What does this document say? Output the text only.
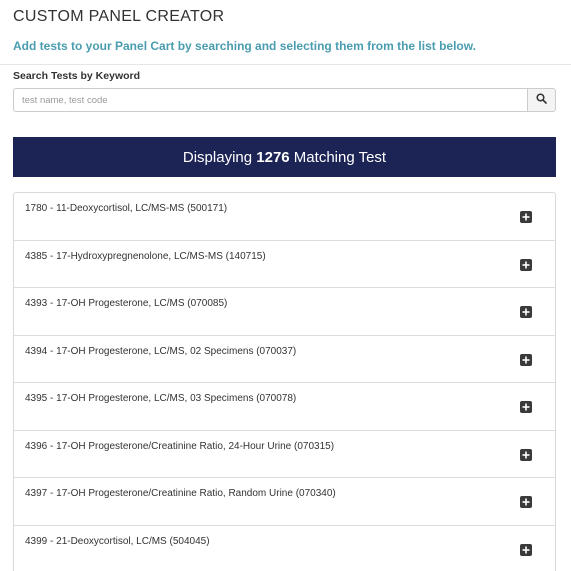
CUSTOM PANEL CREATOR
Add tests to your Panel Cart by searching and selecting them from the list below.
Search Tests by Keyword
test name, test code
Displaying 1276 Matching Test
1780 - 11-Deoxycortisol, LC/MS-MS (500171)
4385 - 17-Hydroxypregnenolone, LC/MS-MS (140715)
4393 - 17-OH Progesterone, LC/MS (070085)
4394 - 17-OH Progesterone, LC/MS, 02 Specimens (070037)
4395 - 17-OH Progesterone, LC/MS, 03 Specimens (070078)
4396 - 17-OH Progesterone/Creatinine Ratio, 24-Hour Urine (070315)
4397 - 17-OH Progesterone/Creatinine Ratio, Random Urine (070340)
4399 - 21-Deoxycortisol, LC/MS (504045)
